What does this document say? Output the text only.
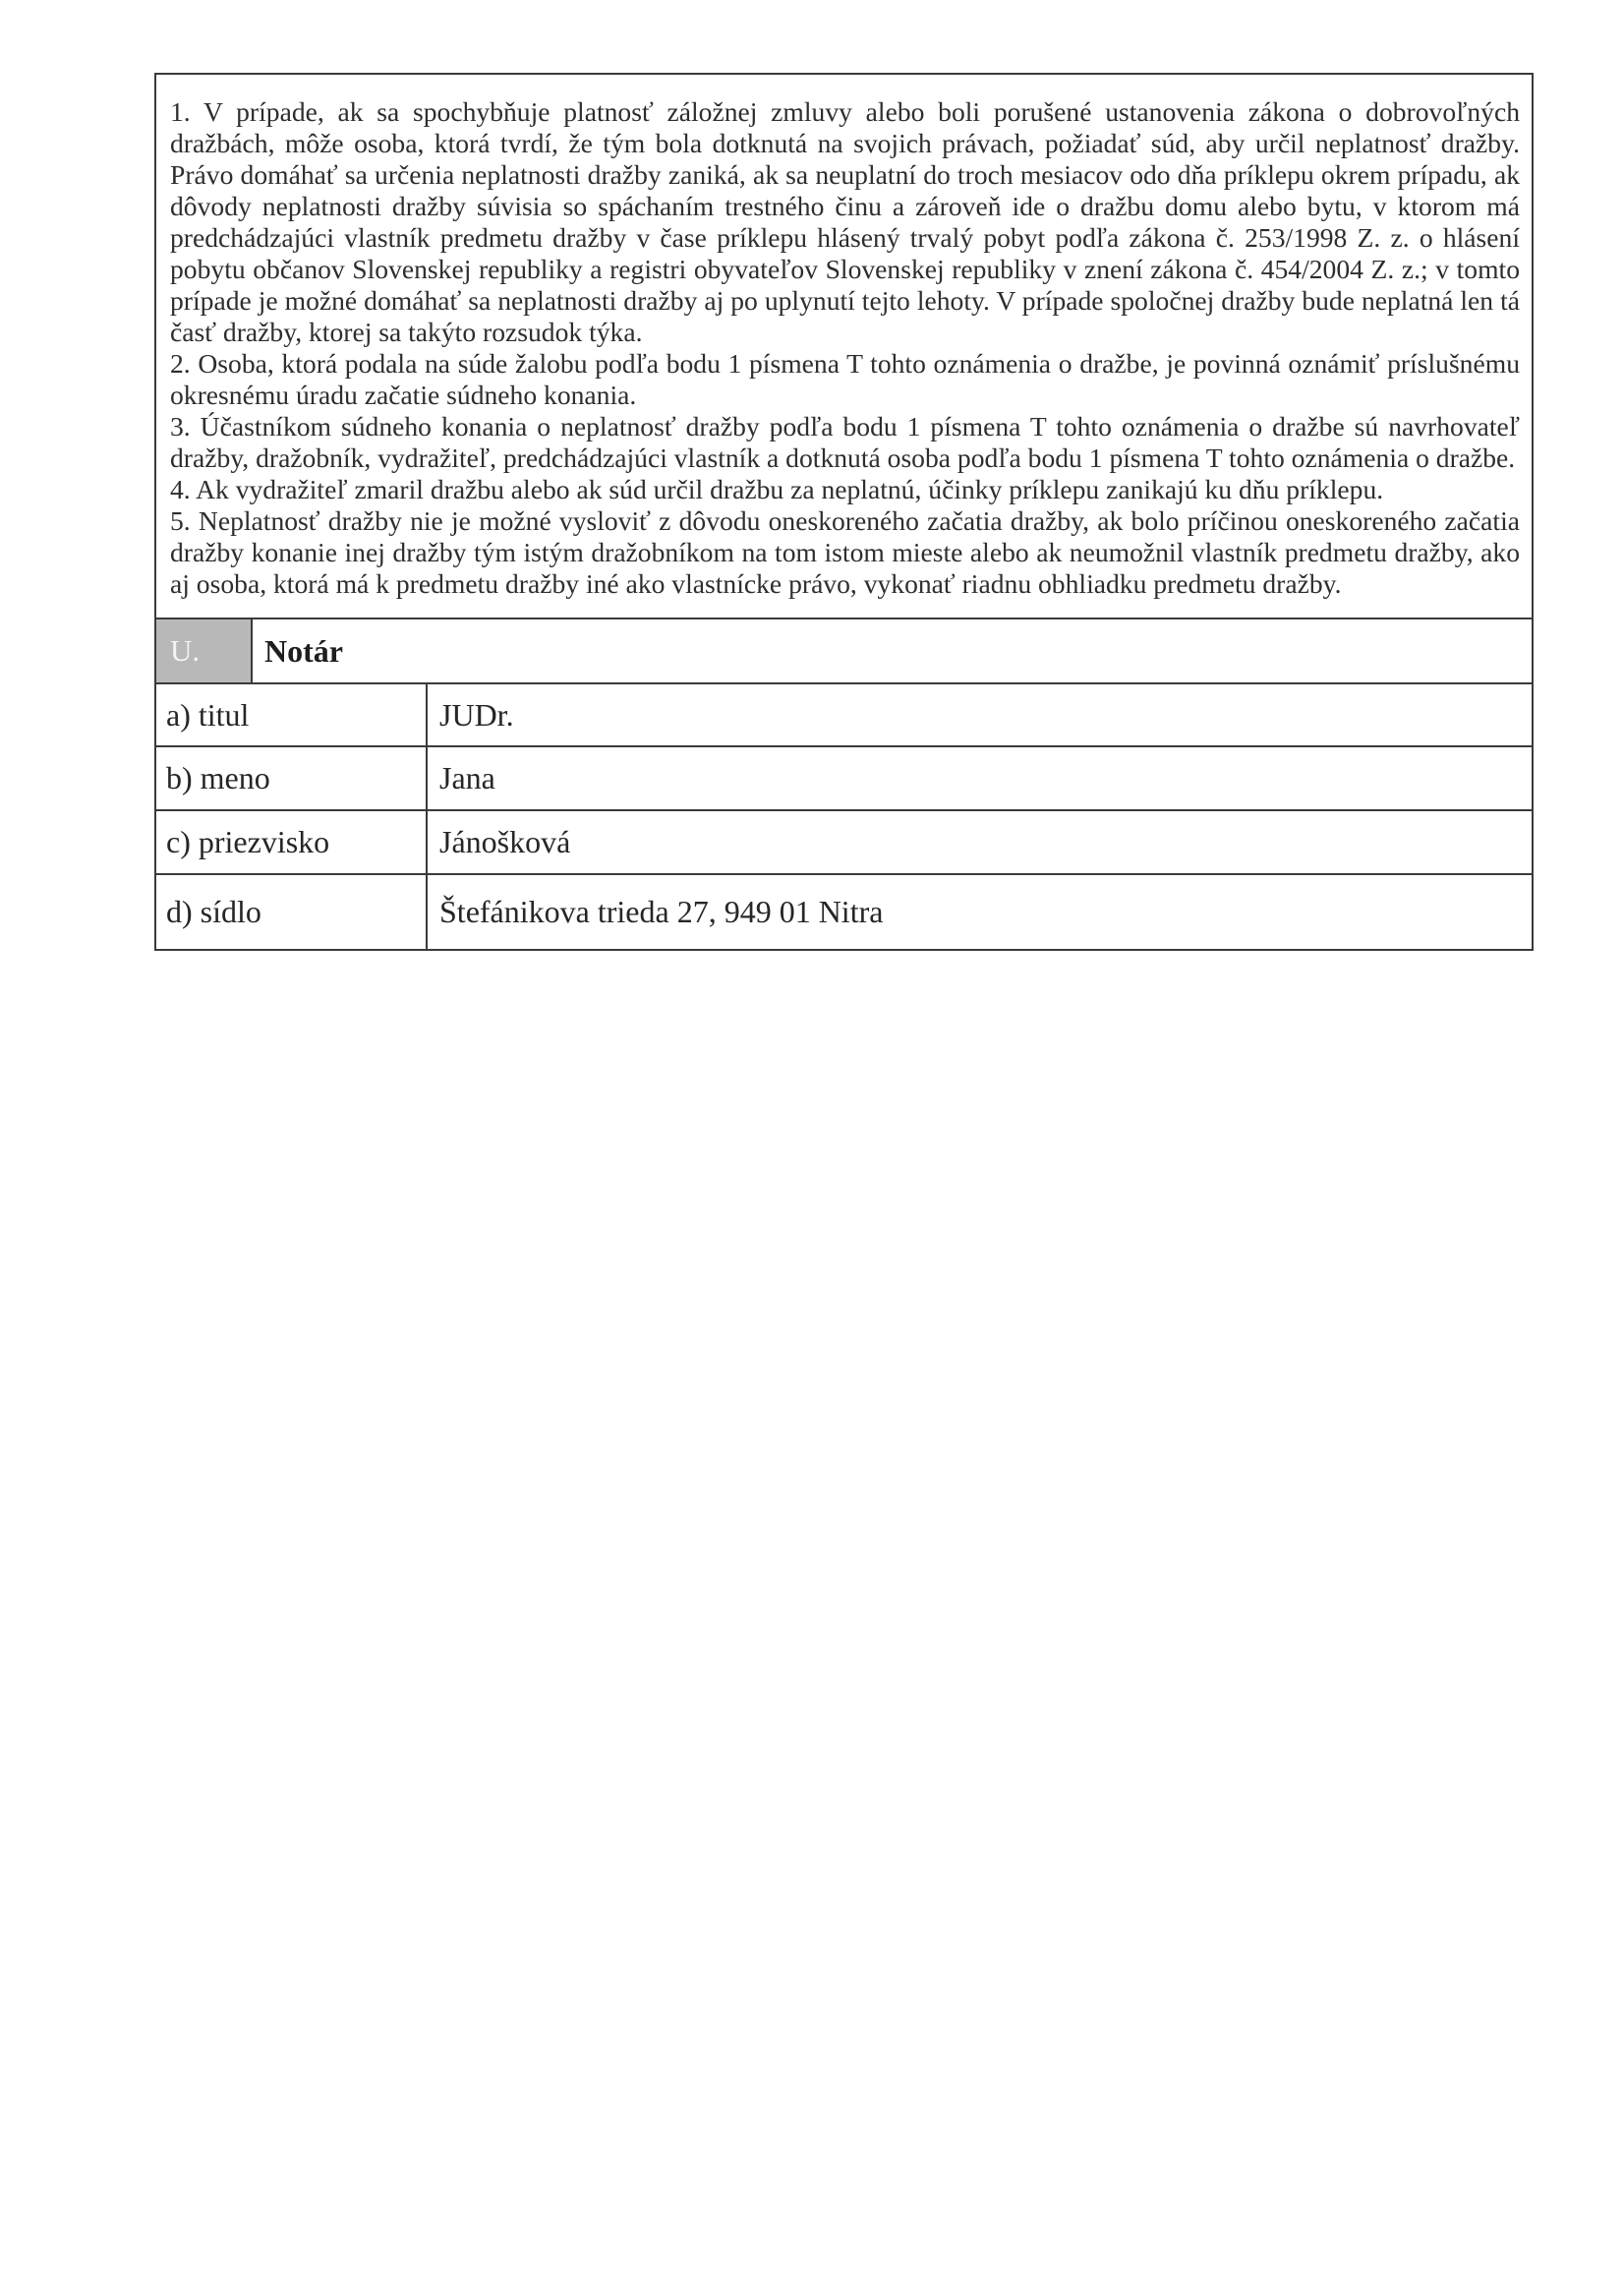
1. V prípade, ak sa spochybňuje platnosť záložnej zmluvy alebo boli porušené ustanovenia zákona o dobrovoľných dražbách, môže osoba, ktorá tvrdí, že tým bola dotknutá na svojich právach, požiadať súd, aby určil neplatnosť dražby. Právo domáhať sa určenia neplatnosti dražby zaniká, ak sa neuplatní do troch mesiacov odo dňa príklepu okrem prípadu, ak dôvody neplatnosti dražby súvisia so spáchaním trestného činu a zároveň ide o dražbu domu alebo bytu, v ktorom má predchádzajúci vlastník predmetu dražby v čase príklepu hlásený trvalý pobyt podľa zákona č. 253/1998 Z. z. o hlásení pobytu občanov Slovenskej republiky a registri obyvateľov Slovenskej republiky v znení zákona č. 454/2004 Z. z.; v tomto prípade je možné domáhať sa neplatnosti dražby aj po uplynutí tejto lehoty. V prípade spoločnej dražby bude neplatná len tá časť dražby, ktorej sa takýto rozsudok týka.

2. Osoba, ktorá podala na súde žalobu podľa bodu 1 písmena T tohto oznámenia o dražbe, je povinná oznámiť príslušnému okresnému úradu začatie súdneho konania.

3. Účastníkom súdneho konania o neplatnosť dražby podľa bodu 1 písmena T tohto oznámenia o dražbe sú navrhovateľ dražby, dražobník, vydražiteľ, predchádzajúci vlastník a dotknutá osoba podľa bodu 1 písmena T tohto oznámenia o dražbe.

4. Ak vydražiteľ zmaril dražbu alebo ak súd určil dražbu za neplatnú, účinky príklepu zanikajú ku dňu príklepu.

5. Neplatnosť dražby nie je možné vysloviť z dôvodu oneskoreného začatia dražby, ak bolo príčinou oneskoreného začatia dražby konanie inej dražby tým istým dražobníkom na tom istom mieste alebo ak neumožnil vlastník predmetu dražby, ako aj osoba, ktorá má k predmetu dražby iné ako vlastnícke právo, vykonať riadnu obhliadku predmetu dražby.

U.	Notár
a) titul	JUDr.
b) meno	Jana
c) priezvisko	Jánošková
d) sídlo	Štefánikova trieda 27, 949 01 Nitra
